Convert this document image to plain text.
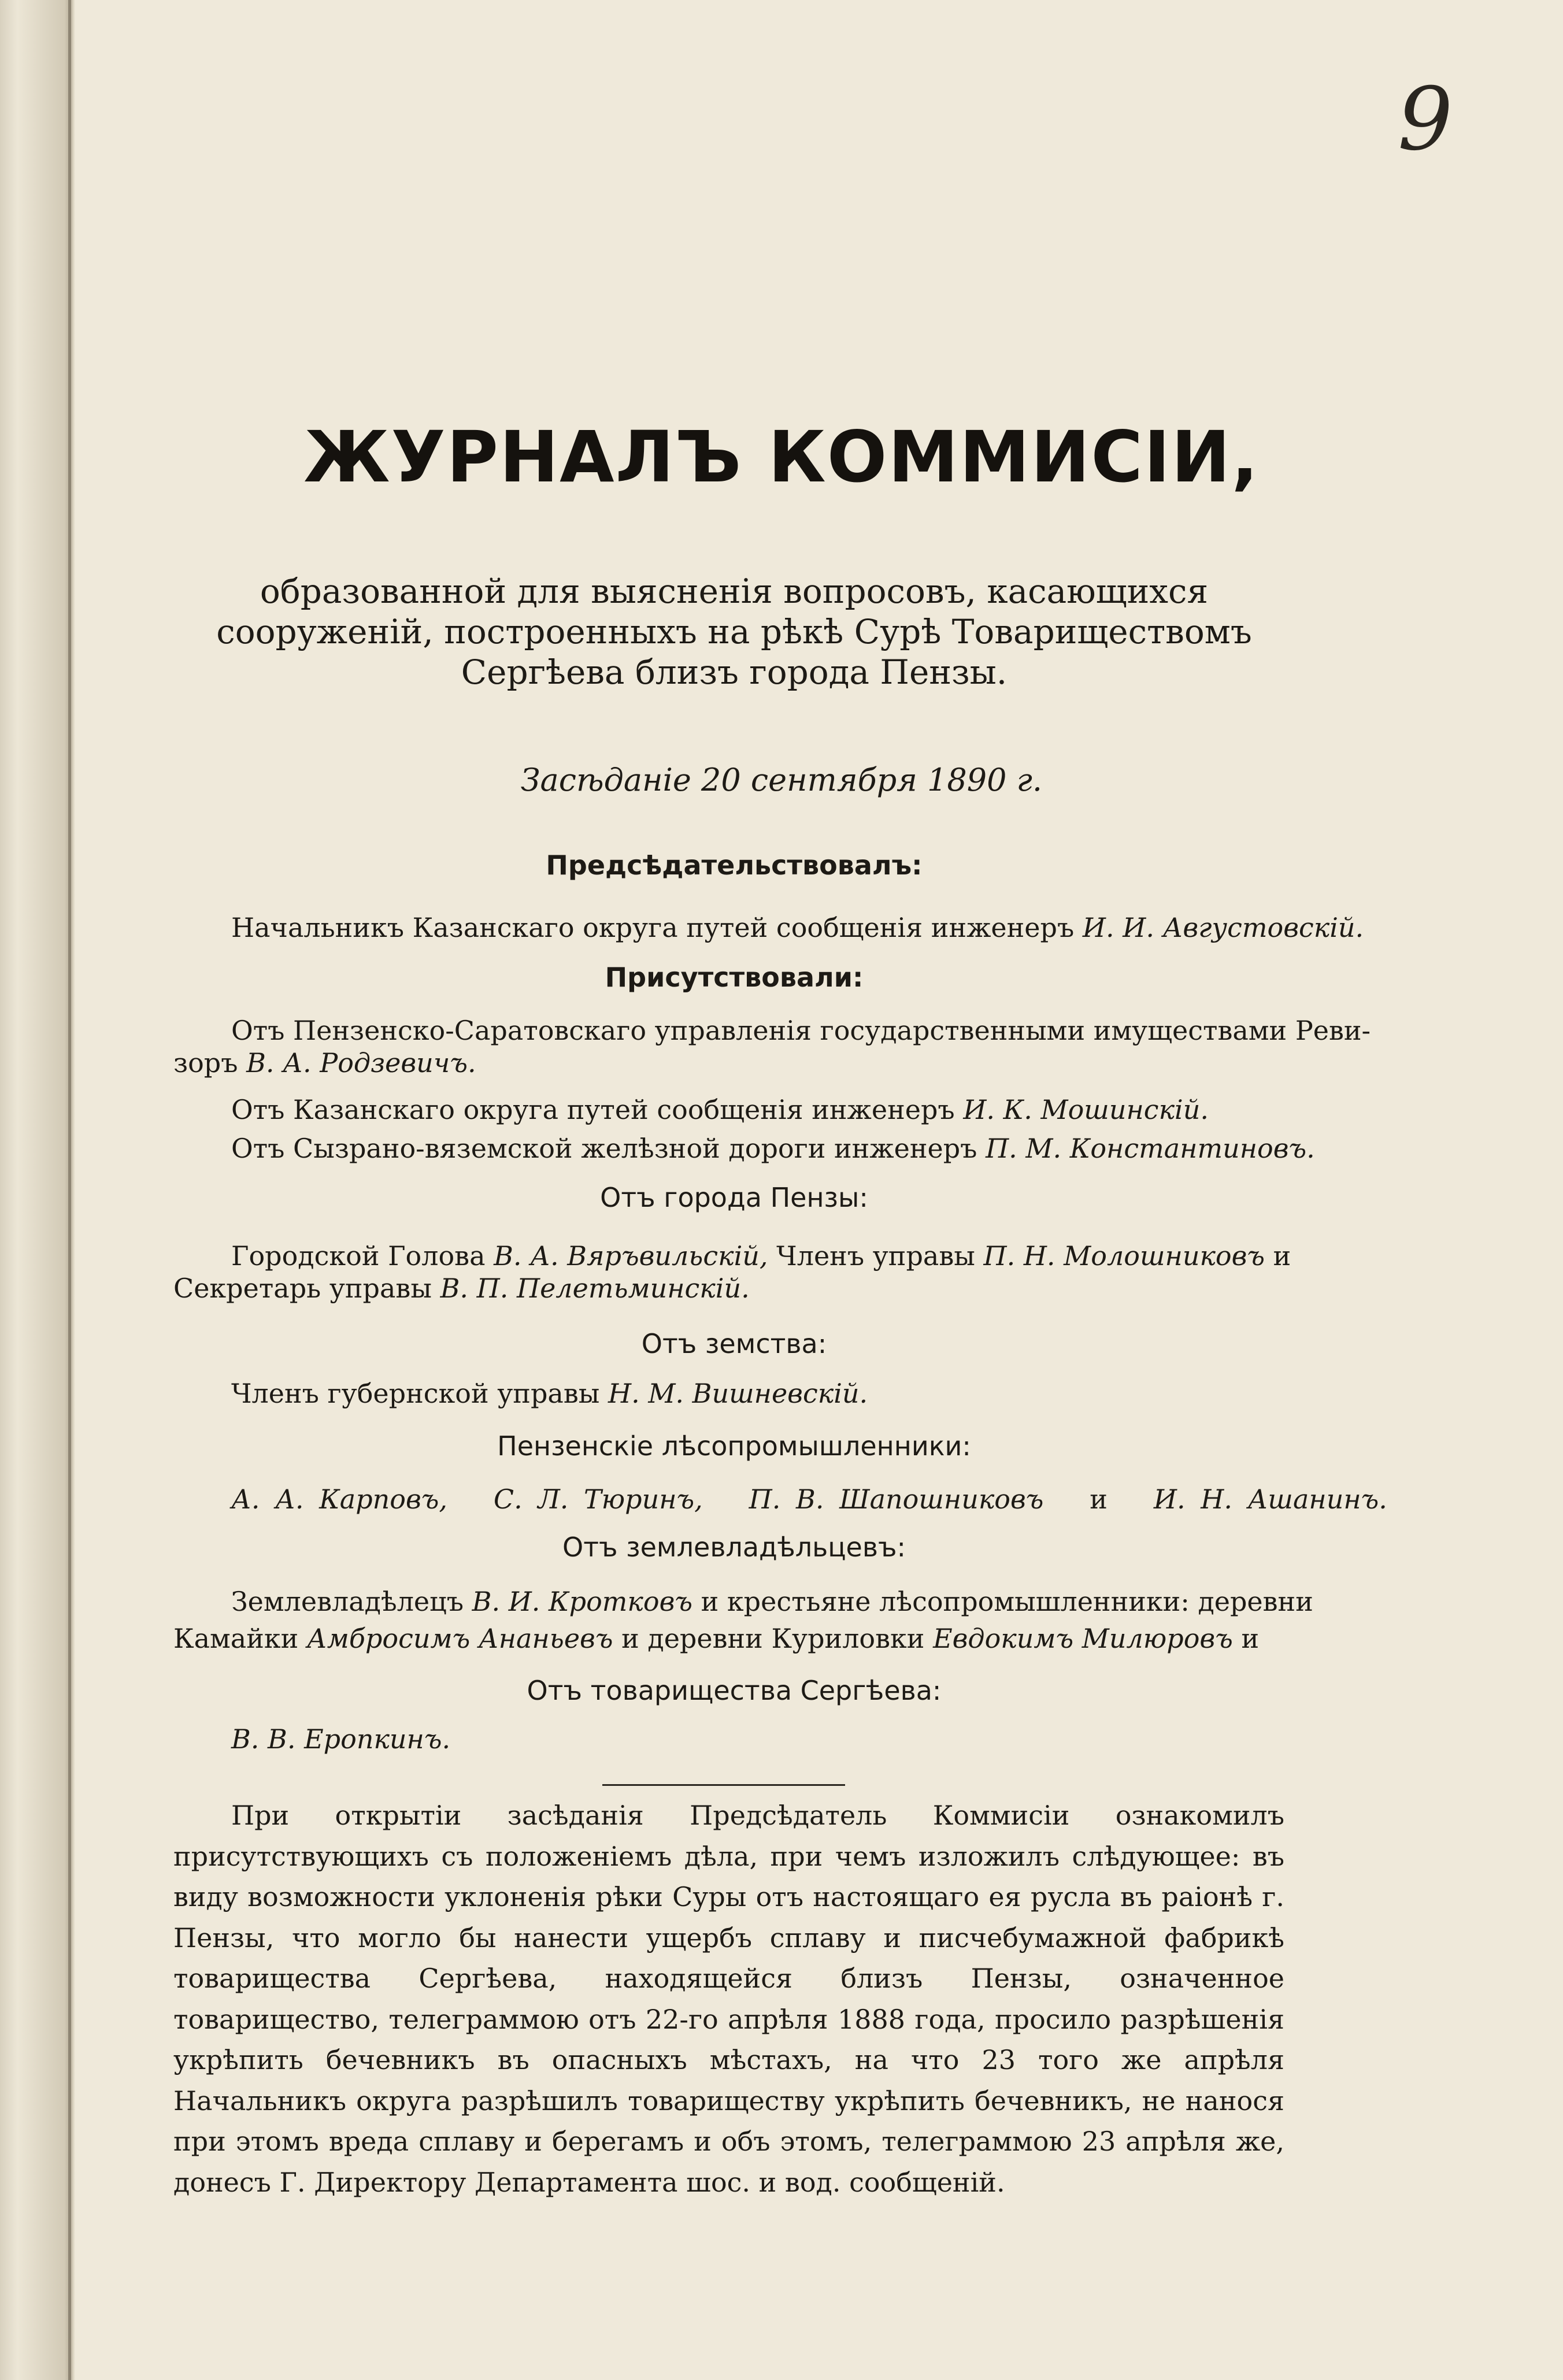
9
ЖУРНАЛЪ КОММИСІИ,
образованной для выясненія вопросовъ, касающихся сооруженій, построенныхъ на рѣкѣ Сурѣ Товариществомъ Сергѣева близъ города Пензы.
Засѣданіе 20 сентября 1890 г.
Предсѣдательствовалъ:
Начальникъ Казанскаго округа путей сообщенія инженеръ И. И. Августовскій.
Присутствовали:
Отъ Пензенско-Саратовскаго управленія государственными имуществами Реви-
зоръ В. А. Родзевичъ.
Отъ Казанскаго округа путей сообщенія инженеръ И. К. Мошинскій.
Отъ Сызрано-вяземской желѣзной дороги инженеръ П. М. Константиновъ.
Отъ города Пензы:
Городской Голова В. А. Вяръвильскій, Членъ управы П. Н. Молошниковъ и
Секретарь управы В. П. Пелетьминскій.
Отъ земства:
Членъ губернской управы Н. М. Вишневскій.
Пензенскіе лѣсопромышленники:
А. А. Карповъ, С. Л. Тюринъ, П. В. Шапошниковъ и И. Н. Ашанинъ.
Отъ землевладѣльцевъ:
Землевладѣлецъ В. И. Кротковъ и крестьяне лѣсопромышленники: деревни
Камайки Амбросимъ Ананьевъ и деревни Куриловки Евдокимъ Милюровъ и
Отъ товарищества Сергѣева:
В. В. Еропкинъ.
При открытіи засѣданія Предсѣдатель Коммисіи ознакомилъ присутствующихъ съ положеніемъ дѣла, при чемъ изложилъ слѣдующее: въ виду возможности уклоненія рѣки Суры отъ настоящаго ея русла въ раіонѣ г. Пензы, что могло бы нанести ущербъ сплаву и писчебумажной фабрикѣ товарищества Сергѣева, находящейся близъ Пензы, означенное товарищество, телеграммою отъ 22-го апрѣля 1888 года, просило разрѣшенія укрѣпить бечевникъ въ опасныхъ мѣстахъ, на что 23 того же апрѣля Начальникъ округа разрѣшилъ товариществу укрѣпить бечевникъ, не нанося при этомъ вреда сплаву и берегамъ и объ этомъ, телеграммою 23 апрѣля же, донесъ Г. Директору Департамента шос. и вод. сообщеній.
